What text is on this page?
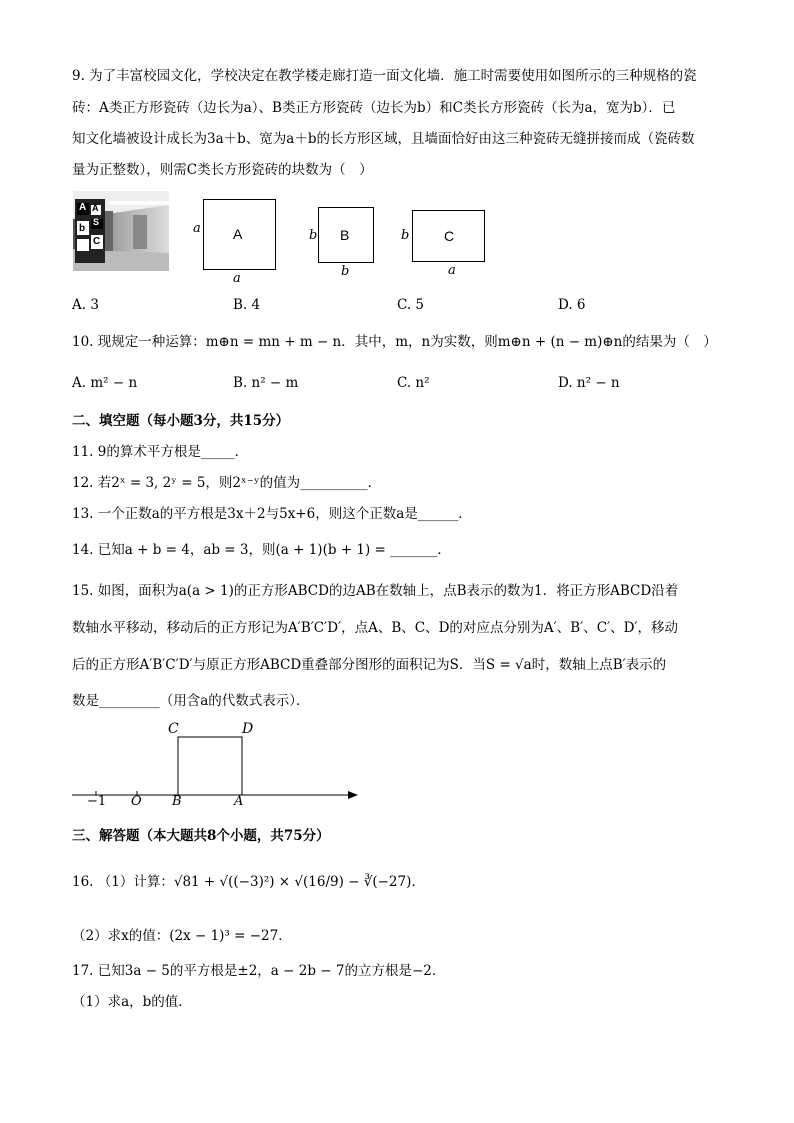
9. 为了丰富校园文化，学校决定在教学楼走廊打造一面文化墙．施工时需要使用如图所示的三种规格的瓷
砖：A类正方形瓷砖（边长为a）、B类正方形瓷砖（边长为b）和C类长方形瓷砖（长为a，宽为b）．已
知文化墙被设计成长为3a＋b、宽为a＋b的长方形区域，且墙面恰好由这三种瓷砖无缝拼接而成（瓷砖数
量为正整数），则需C类长方形瓷砖的块数为（　）
A A
S
b
C
a A
a
b B
b
b C
a
A. 3	B. 4	C. 5	D. 6
10. 现规定一种运算：m⊕n = mn + m − n．其中，m，n为实数，则m⊕n + (n − m)⊕n的结果为（　）
A. m² − n	B. n² − m	C. n²	D. n² − n
二、填空题（每小题3分，共15分）
11. 9的算术平方根是_____．
12. 若2ˣ = 3, 2ʸ = 5，则2ˣ⁻ʸ的值为__________．
13. 一个正数a的平方根是3x＋2与5x+6，则这个正数a是______．
14. 已知a + b = 4，ab = 3，则(a + 1)(b + 1) = _______．
15. 如图，面积为a(a > 1)的正方形ABCD的边AB在数轴上，点B表示的数为1．将正方形ABCD沿着
数轴水平移动，移动后的正方形记为A′B′C′D′，点A、B、C、D的对应点分别为A′、B′、C′、D′，移动
后的正方形A′B′C′D′与原正方形ABCD重叠部分图形的面积记为S．当S = √a时，数轴上点B′表示的
数是_________（用含a的代数式表示）．
C	D
−1 O B	A
三、解答题（本大题共8个小题，共75分）
16. （1）计算：√81 + √((−3)²) × √(16/9) − ∛(−27)．
（2）求x的值：(2x − 1)³ = −27．
17. 已知3a − 5的平方根是±2，a − 2b − 7的立方根是−2．
（1）求a，b的值．
